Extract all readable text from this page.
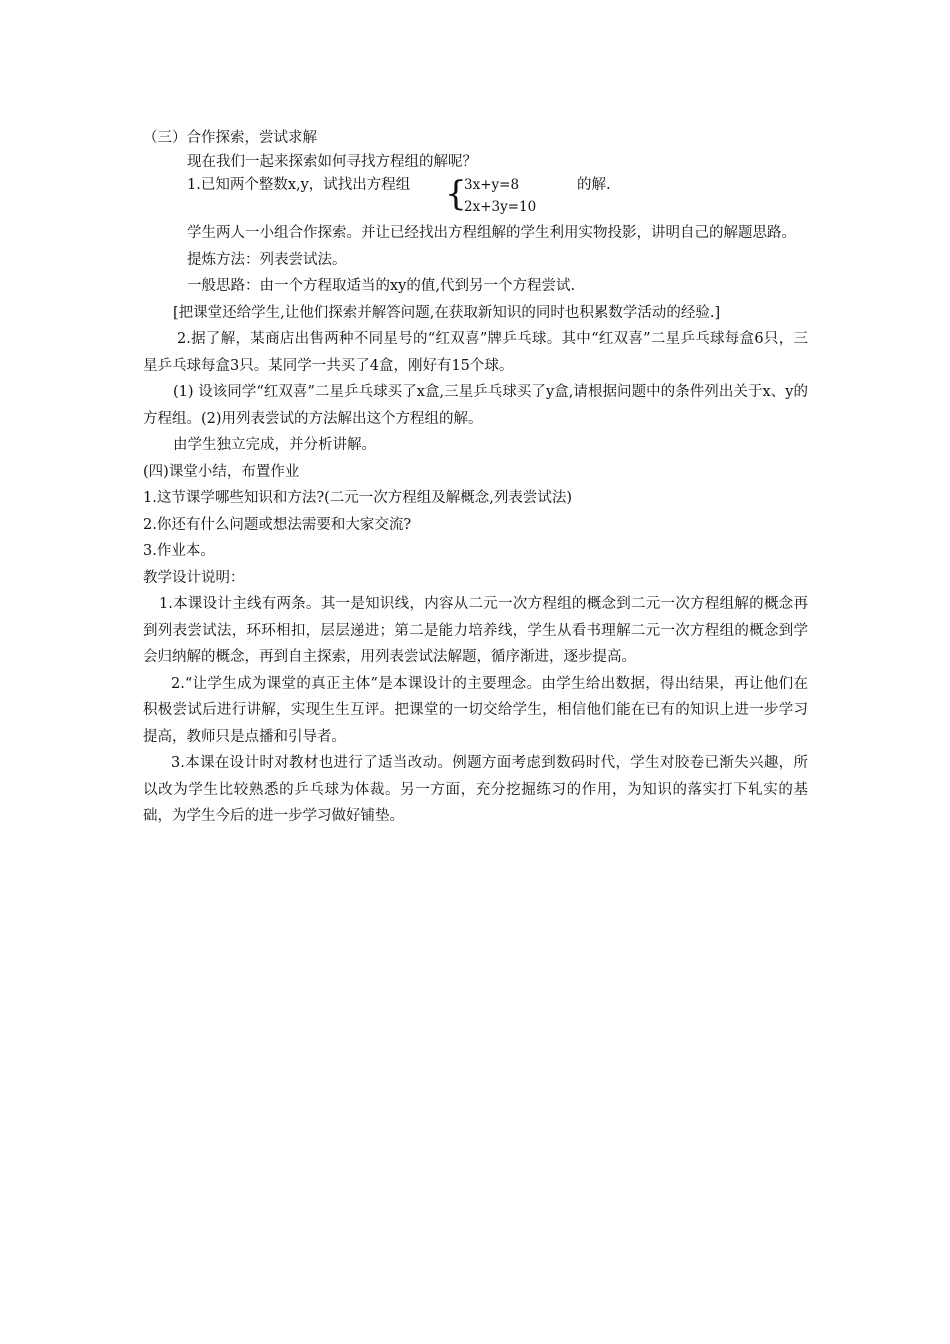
（三）合作探索，尝试求解
现在我们一起来探索如何寻找方程组的解呢？
1.已知两个整数x,y，试找出方程组 {
3x+y=8	的解.
2x+3y=10
学生两人一小组合作探索。并让已经找出方程组解的学生利用实物投影，讲明自己的解题思路。
提炼方法：列表尝试法。
一般思路：由一个方程取适当的xy的值,代到另一个方程尝试.
[把课堂还给学生,让他们探索并解答问题,在获取新知识的同时也积累数学活动的经验.]
2.据了解，某商店出售两种不同星号的“红双喜”牌乒乓球。其中“红双喜”二星乒乓球每盒6只，三星乒乓球每盒3只。某同学一共买了4盒，刚好有15个球。
(1) 设该同学“红双喜”二星乒乓球买了x盒,三星乒乓球买了y盒,请根据问题中的条件列出关于x、y的方程组。(2)用列表尝试的方法解出这个方程组的解。
由学生独立完成，并分析讲解。
(四)课堂小结，布置作业
1.这节课学哪些知识和方法?(二元一次方程组及解概念,列表尝试法)
2.你还有什么问题或想法需要和大家交流?
3.作业本。
教学设计说明：
1.本课设计主线有两条。其一是知识线，内容从二元一次方程组的概念到二元一次方程组解的概念再到列表尝试法，环环相扣，层层递进；第二是能力培养线，学生从看书理解二元一次方程组的概念到学会归纳解的概念，再到自主探索，用列表尝试法解题，循序渐进，逐步提高。
2.“让学生成为课堂的真正主体”是本课设计的主要理念。由学生给出数据，得出结果，再让他们在积极尝试后进行讲解，实现生生互评。把课堂的一切交给学生，相信他们能在已有的知识上进一步学习提高，教师只是点播和引导者。
3.本课在设计时对教材也进行了适当改动。例题方面考虑到数码时代，学生对胶卷已渐失兴趣，所以改为学生比较熟悉的乒乓球为体裁。另一方面，充分挖掘练习的作用，为知识的落实打下轧实的基础，为学生今后的进一步学习做好铺垫。
